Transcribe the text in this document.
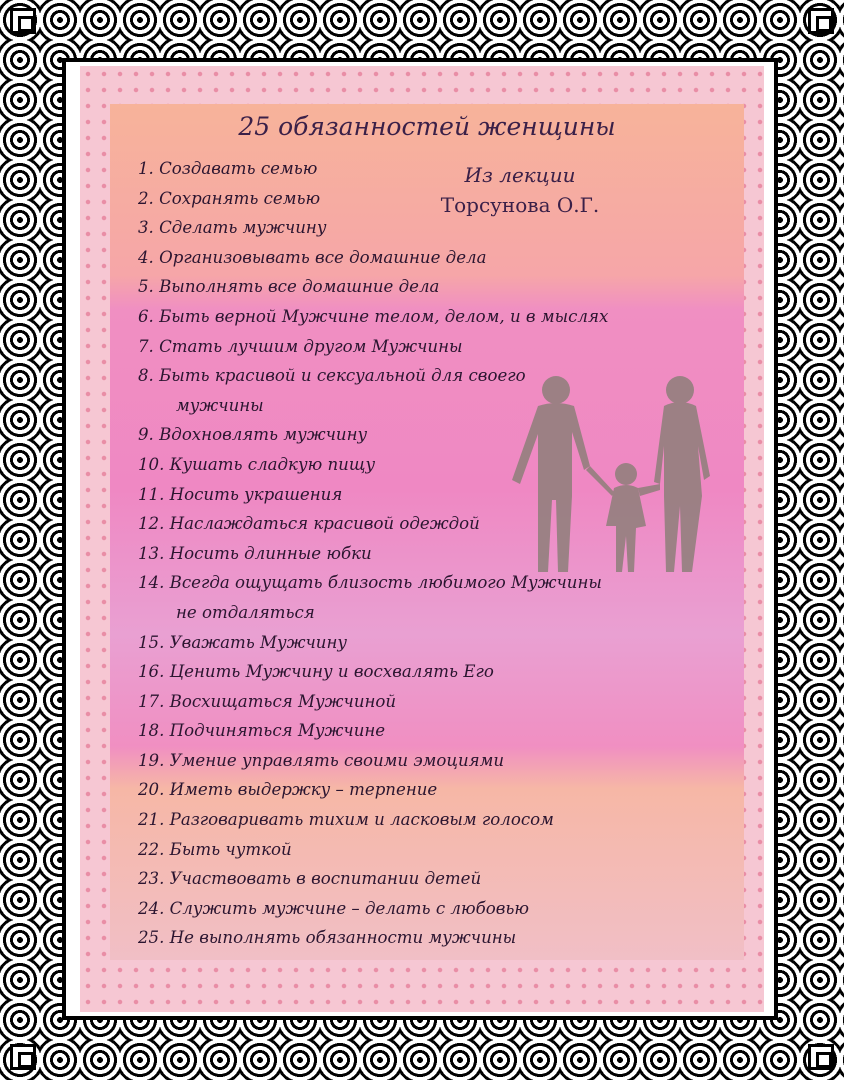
25 обязанностей женщины
Из лекции
Торсунова О.Г.
1. Создавать семью
2. Сохранять семью
3. Сделать мужчину
4. Организовывать все домашние дела
5. Выполнять все домашние дела
6. Быть верной Мужчине телом, делом, и в мыслях
7. Стать лучшим другом Мужчины
8. Быть красивой и сексуальной для своего
мужчины
9. Вдохновлять мужчину
10. Кушать сладкую пищу
11. Носить украшения
12. Наслаждаться красивой одеждой
13. Носить длинные юбки
14. Всегда ощущать близость любимого Мужчины
не отдаляться
15. Уважать Мужчину
16. Ценить Мужчину и восхвалять Его
17. Восхищаться Мужчиной
18. Подчиняться Мужчине
19. Умение управлять своими эмоциями
20. Иметь выдержку – терпение
21. Разговаривать тихим и ласковым голосом
22. Быть чуткой
23. Участвовать в воспитании детей
24. Служить мужчине – делать с любовью
25. Не выполнять обязанности мужчины
